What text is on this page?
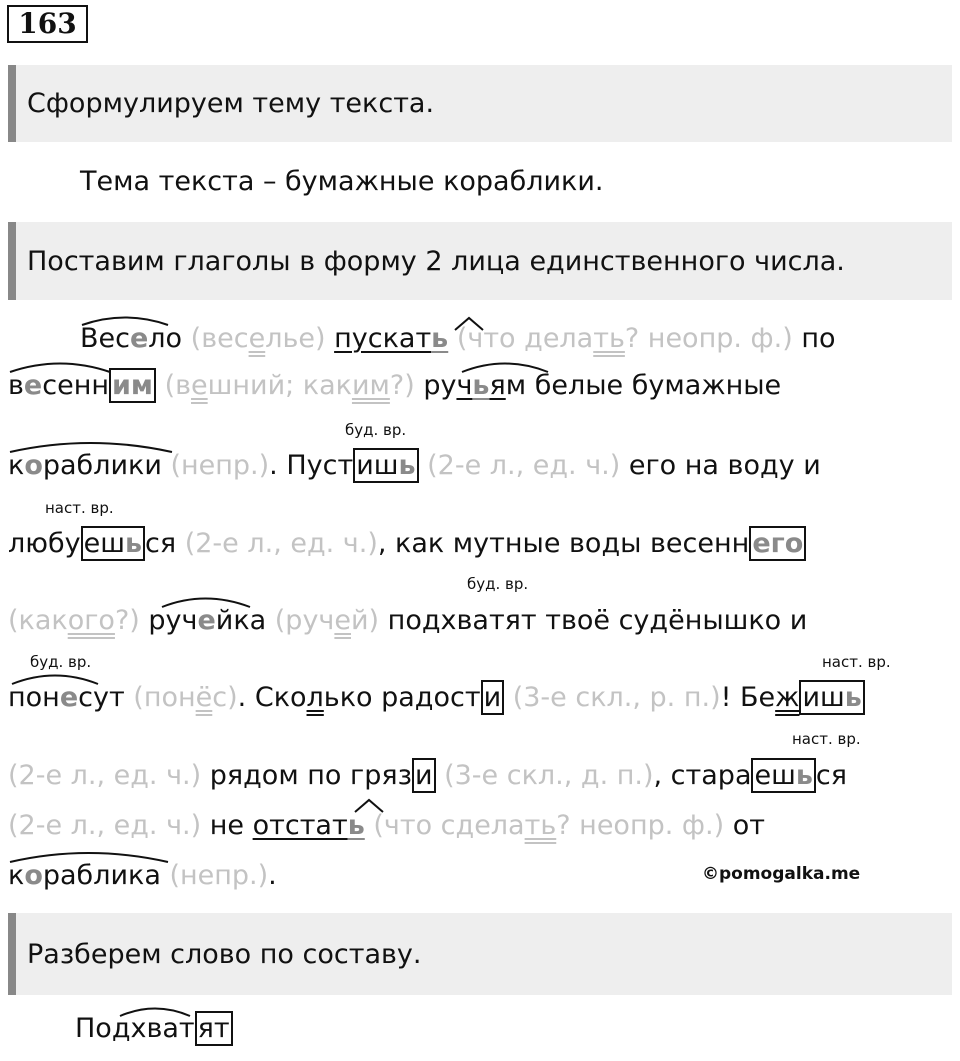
163
Сформулируем тему текста.
Тема текста – бумажные кораблики.
Поставим глаголы в форму 2 лица единственного числа.
Весело (веселье) пускать (что делать? неопр. ф.) по
весенн им (вешний; каким?) ручьям белые бумажные
буд. вр.
кораблики (непр.). Пуст ишь (2-е л., ед. ч.) его на воду и
наст. вр.
любу ешь ся (2-е л., ед. ч.), как мутные воды весенн его
буд. вр.
(какого?) ручейка (ручей) подхватят твоё судёнышко и
буд. вр.	наст. вр.
понесут (понёс). Сколько радост и (3-е скл., р. п.)! Беж ишь
наст. вр.
(2-е л., ед. ч.) рядом по гряз и (3-е скл., д. п.), стара ешь ся
(2-е л., ед. ч.) не отстать (что сделать? неопр. ф.) от
кораблика (непр.).	©pomogalka.me
Разберем слово по составу.
Подхват ят
